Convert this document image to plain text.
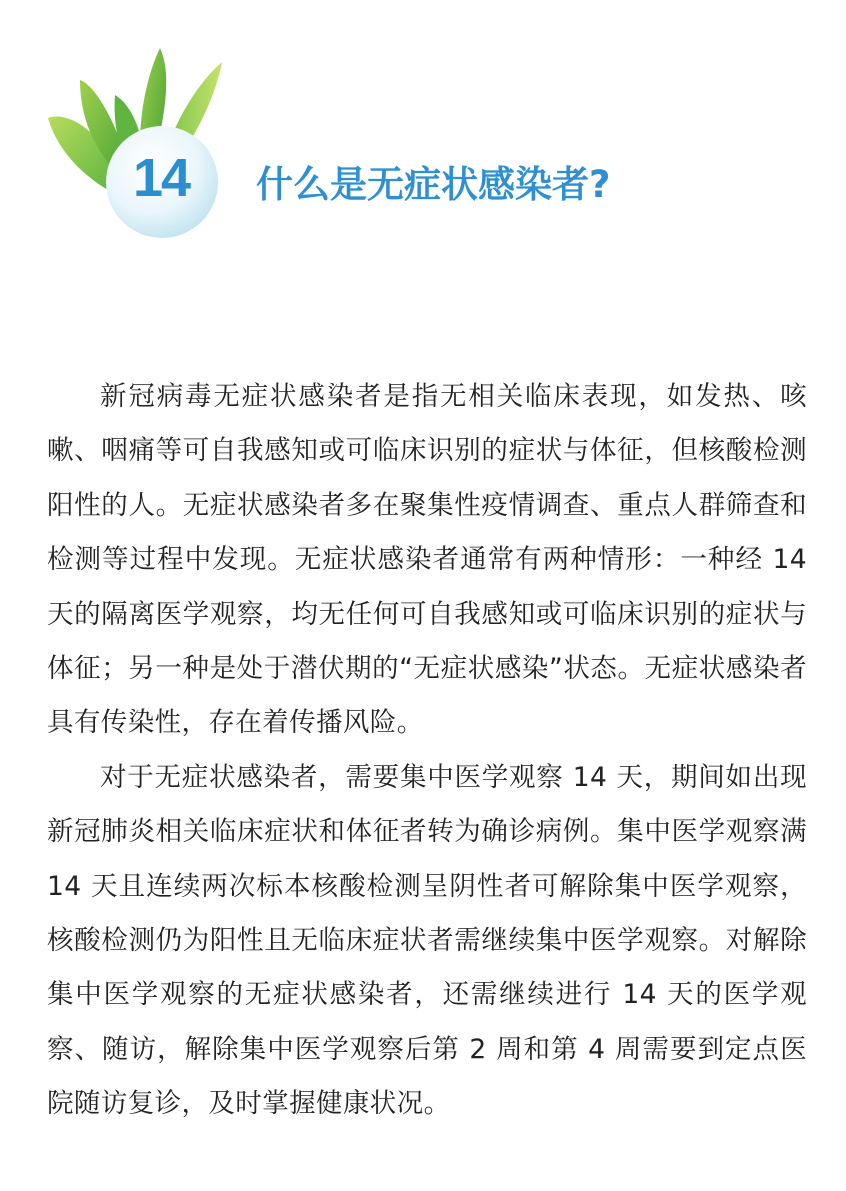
14	什么是无症状感染者?

新冠病毒无症状感染者是指无相关临床表现，如发热、咳嗽、咽痛等可自我感知或可临床识别的症状与体征，但核酸检测阳性的人。无症状感染者多在聚集性疫情调查、重点人群筛查和检测等过程中发现。无症状感染者通常有两种情形：一种经 14 天的隔离医学观察，均无任何可自我感知或可临床识别的症状与体征；另一种是处于潜伏期的“无症状感染”状态。无症状感染者具有传染性，存在着传播风险。

对于无症状感染者，需要集中医学观察 14 天，期间如出现新冠肺炎相关临床症状和体征者转为确诊病例。集中医学观察满 14 天且连续两次标本核酸检测呈阴性者可解除集中医学观察，核酸检测仍为阳性且无临床症状者需继续集中医学观察。对解除集中医学观察的无症状感染者，还需继续进行 14 天的医学观察、随访，解除集中医学观察后第 2 周和第 4 周需要到定点医院随访复诊，及时掌握健康状况。
